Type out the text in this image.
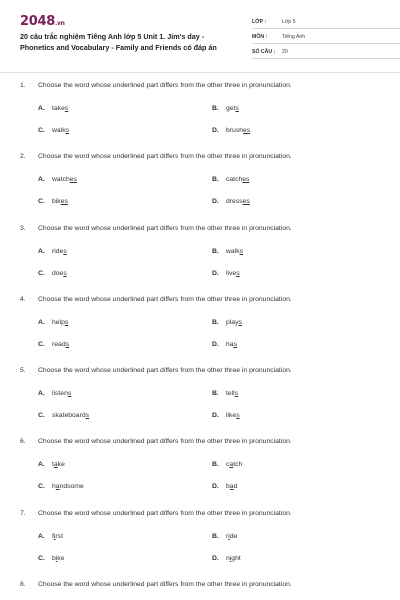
2048.vn
20 câu trắc nghiệm Tiếng Anh lớp 5 Unit 1. Jim's day - Phonetics and Vocabulary - Family and Friends có đáp án
LỚP :	Lớp 5
MÔN :	Tiếng Anh
SỐ CÂU : 20
1. Choose the word whose underlined part differs from the other three in pronunciation.
A. takes	B. gets
C. walks	D. brushes
2. Choose the word whose underlined part differs from the other three in pronunciation.
A. watches	B. catches
C. bikes	D. dresses
3. Choose the word whose underlined part differs from the other three in pronunciation.
A. rides	B. walks
C. does	D. lives
4. Choose the word whose underlined part differs from the other three in pronunciation.
A. helps	B. plays
C. reads	D. has
5. Choose the word whose underlined part differs from the other three in pronunciation.
A. listens	B. tells
C. skateboards	D. likes
6. Choose the word whose underlined part differs from the other three in pronunciation.
A. take	B. catch
C. handsome	D. bad
7. Choose the word whose underlined part differs from the other three in pronunciation.
A. first	B. ride
C. bike	D. night
8. Choose the word whose underlined part differs from the other three in pronunciation.
